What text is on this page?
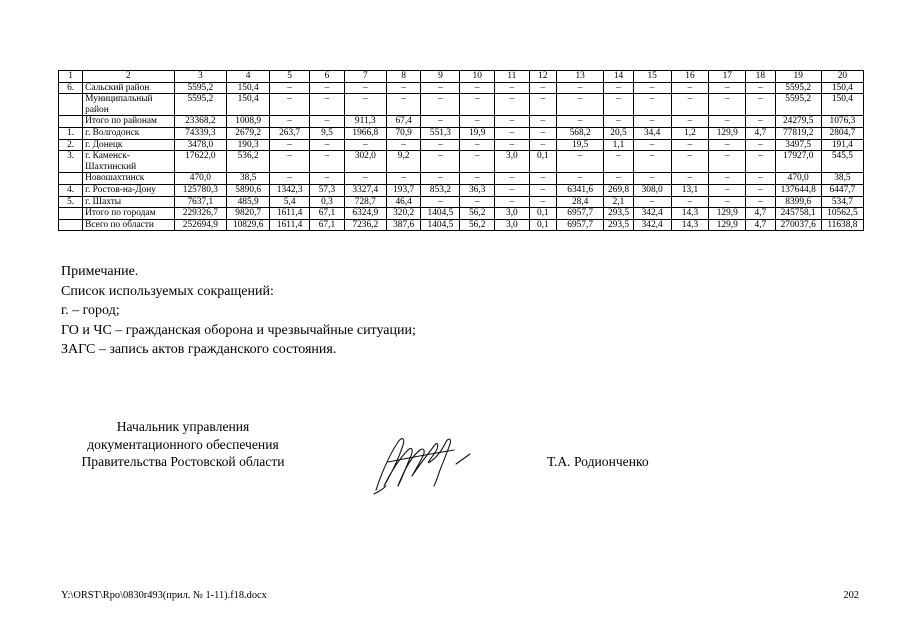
1	2	3	4	5	6	7	8	9	10	11	12	13	14	15	16	17	18	19	20
6.	Сальский район	5595,2	150,4	–	–	–	–	–	–	–	–	–	–	–	–	–	–	5595,2	150,4
	Муниципальный район	5595,2	150,4	–	–	–	–	–	–	–	–	–	–	–	–	–	–	5595,2	150,4
	Итого по районам	23368,2	1008,9	–	–	911,3	67,4	–	–	–	–	–	–	–	–	–	–	24279,5	1076,3
1.	г. Волгодонск	74339,3	2679,2	263,7	9,5	1966,8	70,9	551,3	19,9	–	–	568,2	20,5	34,4	1,2	129,9	4,7	77819,2	2804,7
2.	г. Донецк	3478,0	190,3	–	–	–	–	–	–	–	–	19,5	1,1	–	–	–	–	3497,5	191,4
3.	г. Каменск-Шахтинский	17622,0	536,2	–	–	302,0	9,2	–	–	3,0	0,1	–	–	–	–	–	–	17927,0	545,5
	Новошахтинск	470,0	38,5	–	–	–	–	–	–	–	–	–	–	–	–	–	–	470,0	38,5
4.	г. Ростов-на-Дону	125780,3	5890,6	1342,3	57,3	3327,4	193,7	853,2	36,3	–	–	6341,6	269,8	308,0	13,1	–	–	137644,8	6447,7
5.	г. Шахты	7637,1	485,9	5,4	0,3	728,7	46,4	–	–	–	–	28,4	2,1	–	–	–	–	8399,6	534,7
	Итого по городам	229326,7	9820,7	1611,4	67,1	6324,9	320,2	1404,5	56,2	3,0	0,1	6957,7	293,5	342,4	14,3	129,9	4,7	245758,1	10562,5
	Всего по области	252694,9	10829,6	1611,4	67,1	7236,2	387,6	1404,5	56,2	3,0	0,1	6957,7	293,5	342,4	14,3	129,9	4,7	270037,6	11638,8
Примечание.
Список используемых сокращений:
г. – город;
ГО и ЧС – гражданская оборона и чрезвычайные ситуации;
ЗАГС – запись актов гражданского состояния.
Начальник управления
документационного обеспечения
Правительства Ростовской области	Т.А. Родионченко
Y:\ORST\Rpo\0830r493(прил. № 1-11).f18.docx	202
